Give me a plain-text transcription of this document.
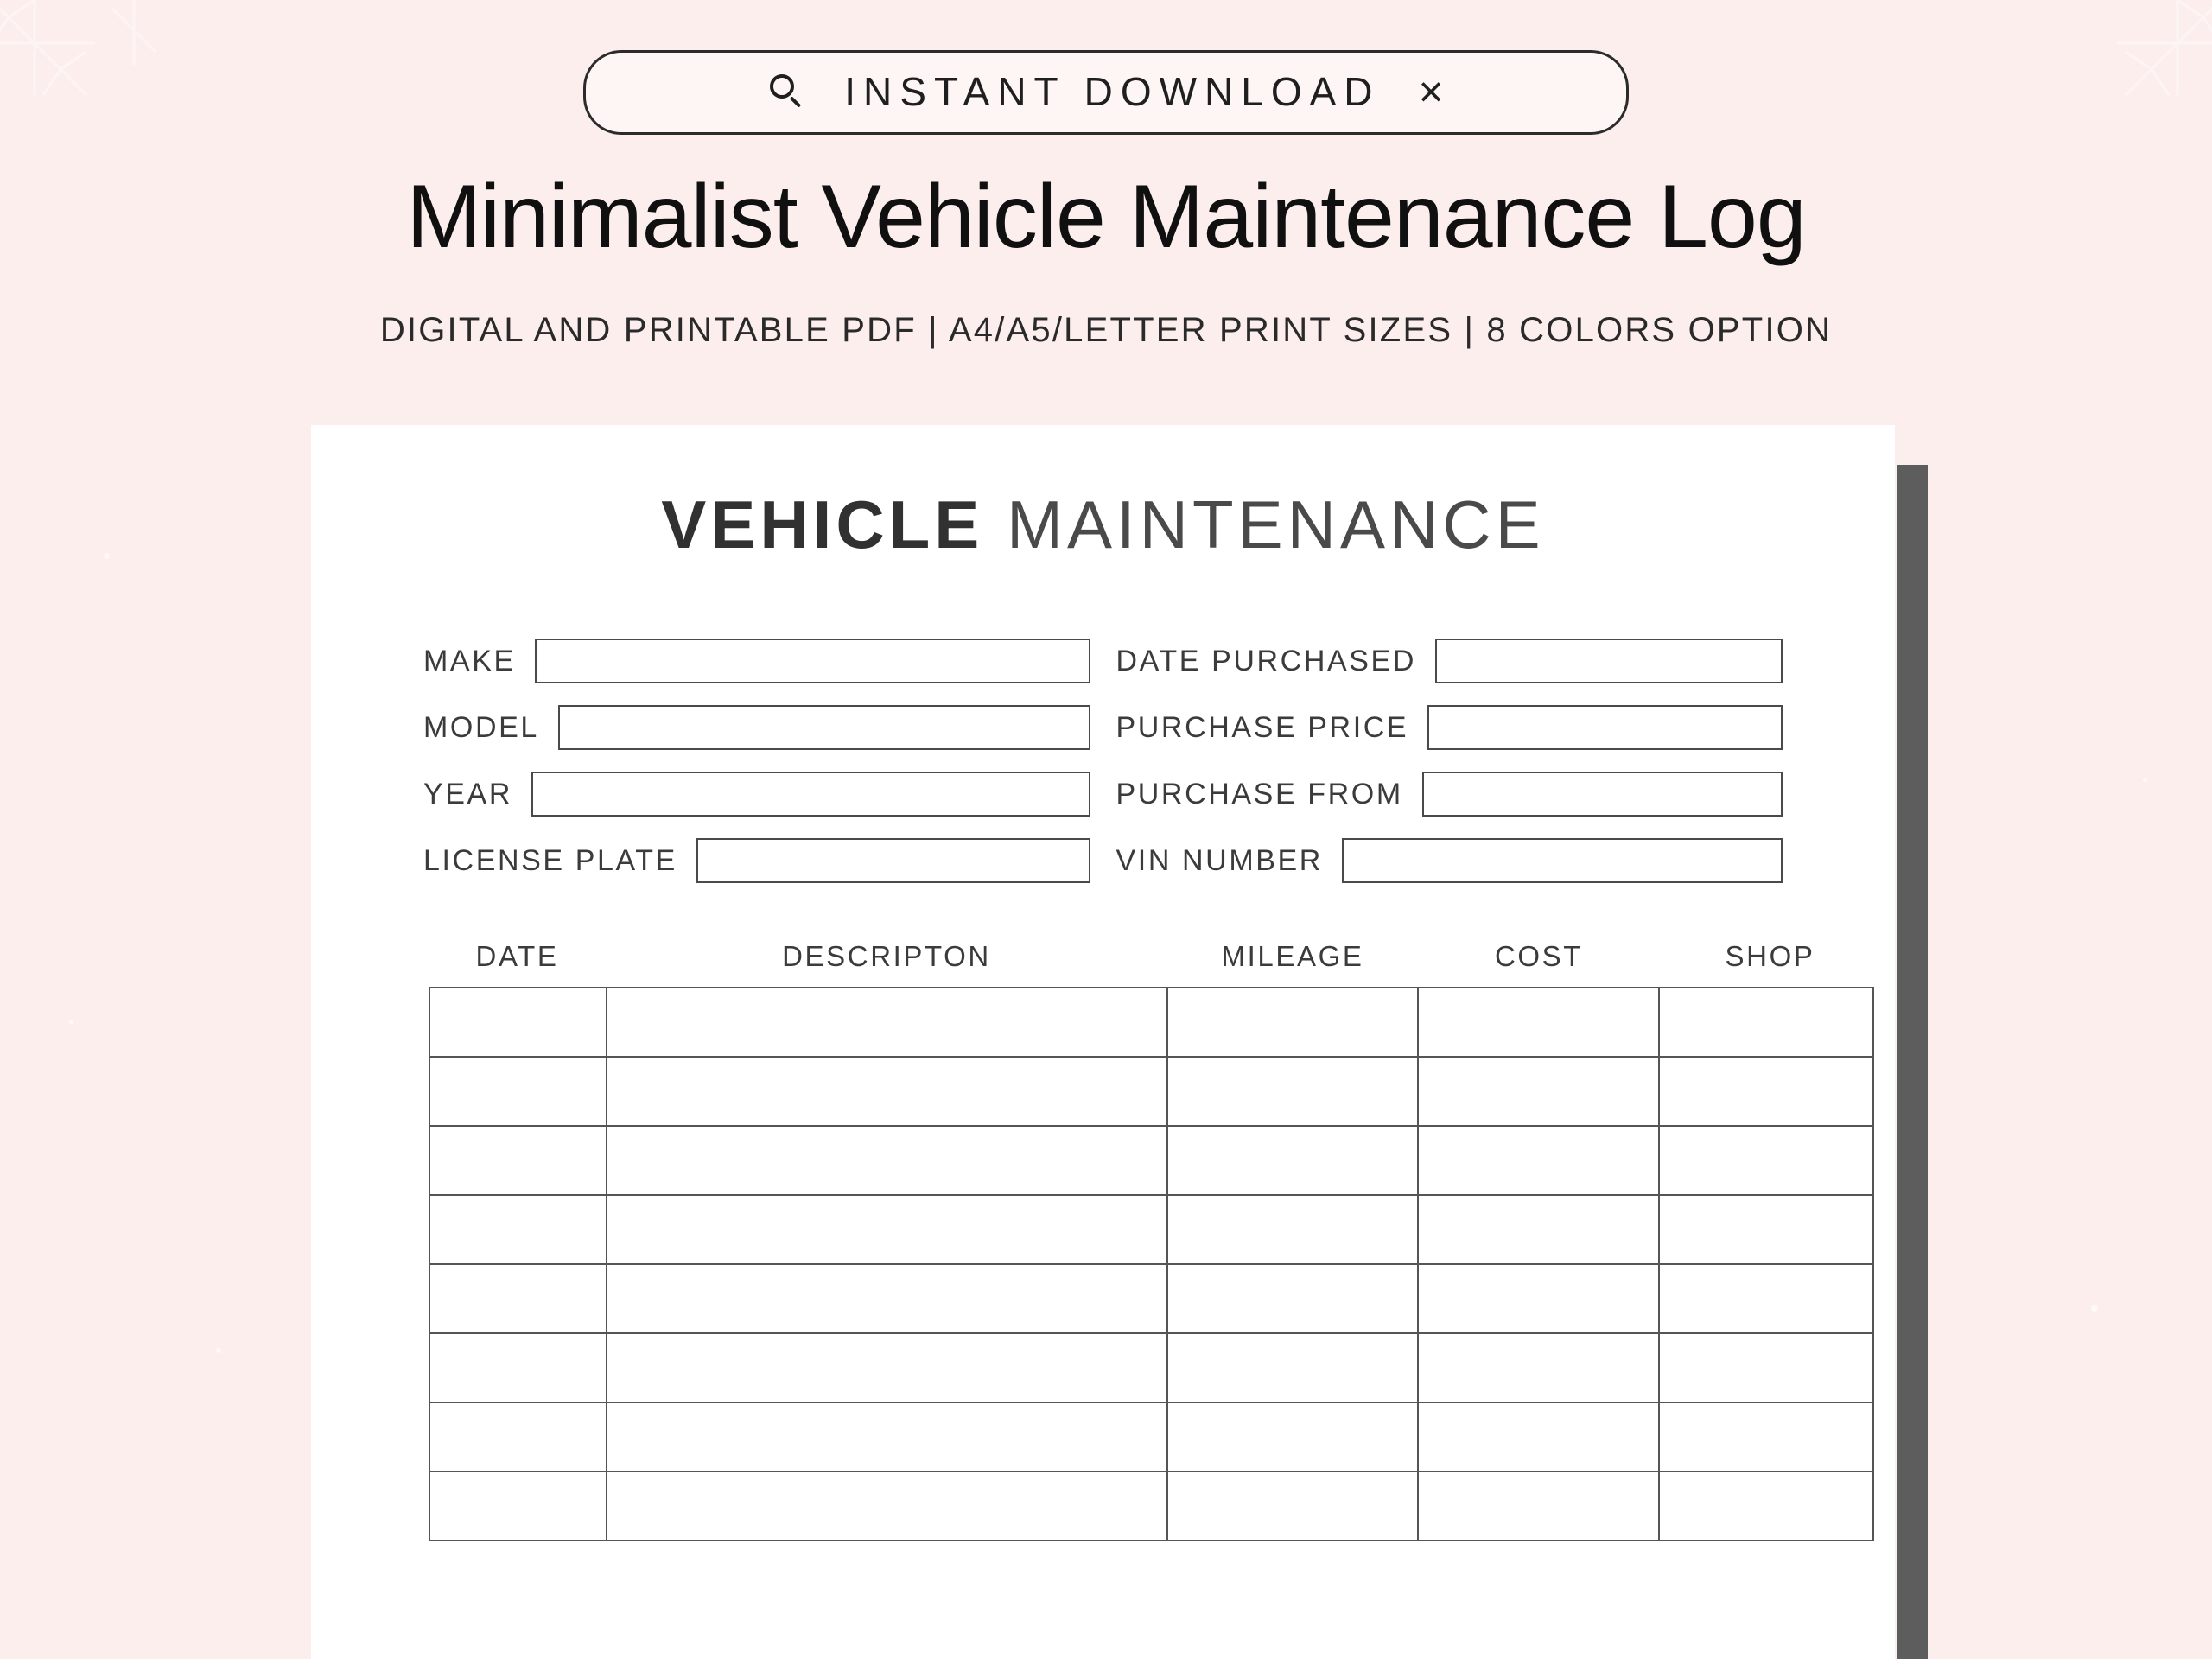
INSTANT DOWNLOAD ×
Minimalist Vehicle Maintenance Log
DIGITAL AND PRINTABLE PDF | A4/A5/LETTER PRINT SIZES | 8 COLORS OPTION
VEHICLE MAINTENANCE
MAKE	DATE PURCHASED
MODEL	PURCHASE PRICE
YEAR	PURCHASE FROM
LICENSE PLATE	VIN NUMBER
DATE	DESCRIPTON	MILEAGE	COST	SHOP
